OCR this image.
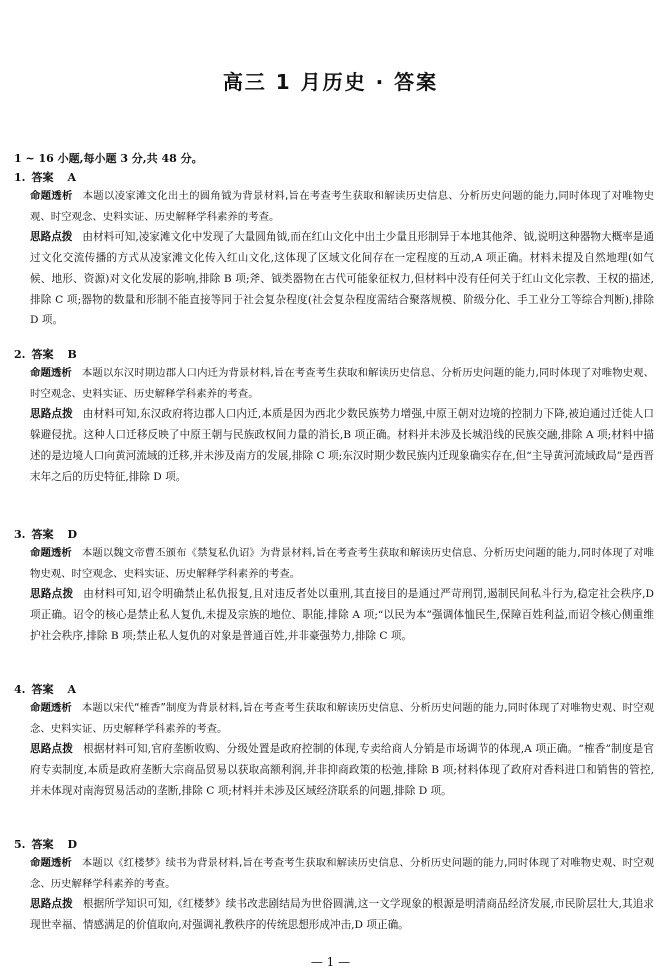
高三 1 月历史 · 答案
1 ~ 16 小题,每小题 3 分,共 48 分。
1. 答案 A

命题透析 本题以凌家滩文化出土的圆角钺为背景材料,旨在考查考生获取和解读历史信息、分析历史问题的能力,同时体现了对唯物史观、时空观念、史料实证、历史解释学科素养的考查。

思路点拨 由材料可知,凌家滩文化中发现了大量圆角钺,而在红山文化中出土少量且形制异于本地其他斧、钺,说明这种器物大概率是通过文化交流传播的方式从凌家滩文化传入红山文化,这体现了区域文化间存在一定程度的互动,A 项正确。材料未提及自然地理(如气候、地形、资源)对文化发展的影响,排除 B 项;斧、钺类器物在古代可能象征权力,但材料中没有任何关于红山文化宗教、王权的描述,排除 C 项;器物的数量和形制不能直接等同于社会复杂程度(社会复杂程度需结合聚落规模、阶级分化、手工业分工等综合判断),排除 D 项。

2. 答案 B

命题透析 本题以东汉时期边郡人口内迁为背景材料,旨在考查考生获取和解读历史信息、分析历史问题的能力,同时体现了对唯物史观、时空观念、史料实证、历史解释学科素养的考查。

思路点拨 由材料可知,东汉政府将边郡人口内迁,本质是因为西北少数民族势力增强,中原王朝对边境的控制力下降,被迫通过迁徙人口躲避侵扰。这种人口迁移反映了中原王朝与民族政权间力量的消长,B 项正确。材料并未涉及长城沿线的民族交融,排除 A 项;材料中描述的是边境人口向黄河流域的迁移,并未涉及南方的发展,排除 C 项;东汉时期少数民族内迁现象确实存在,但“主导黄河流域政局”是西晋末年之后的历史特征,排除 D 项。

3. 答案 D

命题透析 本题以魏文帝曹丕颁布《禁复私仇诏》为背景材料,旨在考查考生获取和解读历史信息、分析历史问题的能力,同时体现了对唯物史观、时空观念、史料实证、历史解释学科素养的考查。

思路点拨 由材料可知,诏令明确禁止私仇报复,且对违反者处以重刑,其直接目的是通过严苛刑罚,遏制民间私斗行为,稳定社会秩序,D 项正确。诏令的核心是禁止私人复仇,未提及宗族的地位、职能,排除 A 项;“以民为本”强调体恤民生,保障百姓利益,而诏令核心侧重维护社会秩序,排除 B 项;禁止私人复仇的对象是普通百姓,并非豪强势力,排除 C 项。

4. 答案 A

命题透析 本题以宋代“榷香”制度为背景材料,旨在考查考生获取和解读历史信息、分析历史问题的能力,同时体现了对唯物史观、时空观念、史料实证、历史解释学科素养的考查。

思路点拨 根据材料可知,官府垄断收购、分级处置是政府控制的体现,专卖给商人分销是市场调节的体现,A 项正确。“榷香”制度是官府专卖制度,本质是政府垄断大宗商品贸易以获取高额利润,并非抑商政策的松弛,排除 B 项;材料体现了政府对香料进口和销售的管控,并未体现对南海贸易活动的垄断,排除 C 项;材料并未涉及区域经济联系的问题,排除 D 项。

5. 答案 D

命题透析 本题以《红楼梦》续书为背景材料,旨在考查考生获取和解读历史信息、分析历史问题的能力,同时体现了对唯物史观、时空观念、历史解释学科素养的考查。

思路点拨 根据所学知识可知,《红楼梦》续书改悲剧结局为世俗圆满,这一文学现象的根源是明清商品经济发展,市民阶层壮大,其追求现世幸福、情感满足的价值取向,对强调礼教秩序的传统思想形成冲击,D 项正确。

— 1 —
